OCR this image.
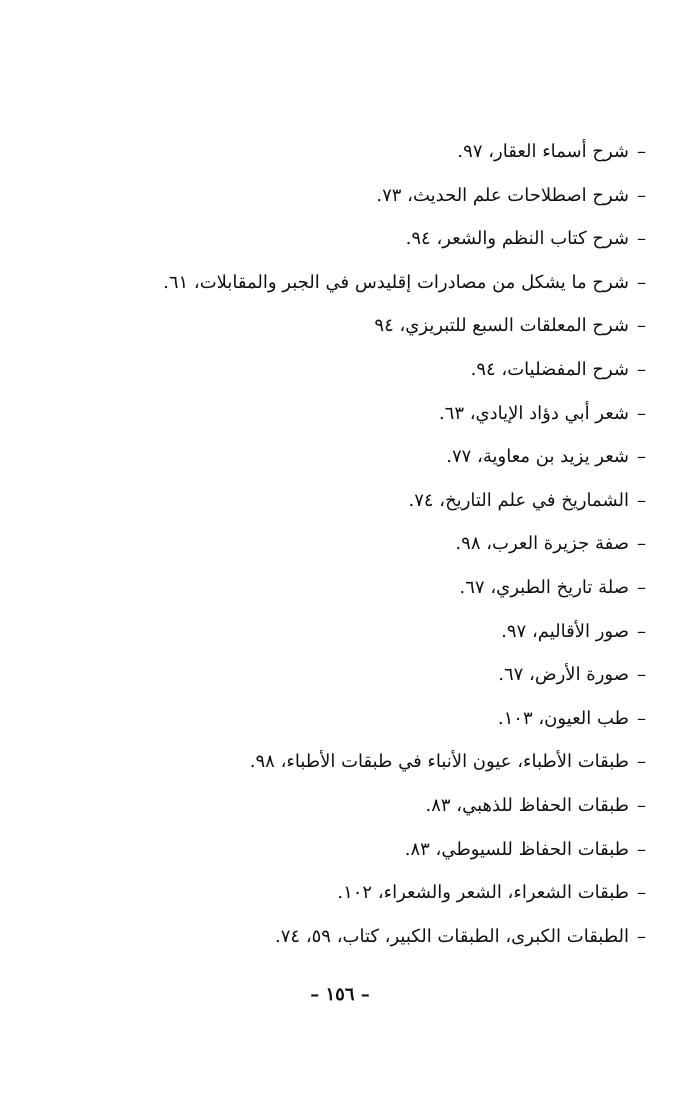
–شرح أسماء العقار، ٩٧.
–شرح اصطلاحات علم الحديث، ٧٣.
–شرح كتاب النظم والشعر، ٩٤.
–شرح ما يشكل من مصادرات إقليدس في الجبر والمقابلات، ٦١.
–شرح المعلقات السبع للتبريزي، ٩٤
–شرح المفضليات، ٩٤.
–شعر أبي دؤاد الإيادي، ٦٣.
–شعر يزيد بن معاوية، ٧٧.
–الشماريخ في علم التاريخ، ٧٤.
–صفة جزيرة العرب، ٩٨.
–صلة تاريخ الطبري، ٦٧.
–صور الأقاليم، ٩٧.
–صورة الأرض، ٦٧.
–طب العيون، ١٠٣.
–طبقات الأطباء، عيون الأنباء في طبقات الأطباء، ٩٨.
–طبقات الحفاظ للذهبي، ٨٣.
–طبقات الحفاظ للسيوطي، ٨٣.
–طبقات الشعراء، الشعر والشعراء، ١٠٢.
–الطبقات الكبرى، الطبقات الكبير، كتاب، ٥٩، ٧٤.
– ١٥٦ –
